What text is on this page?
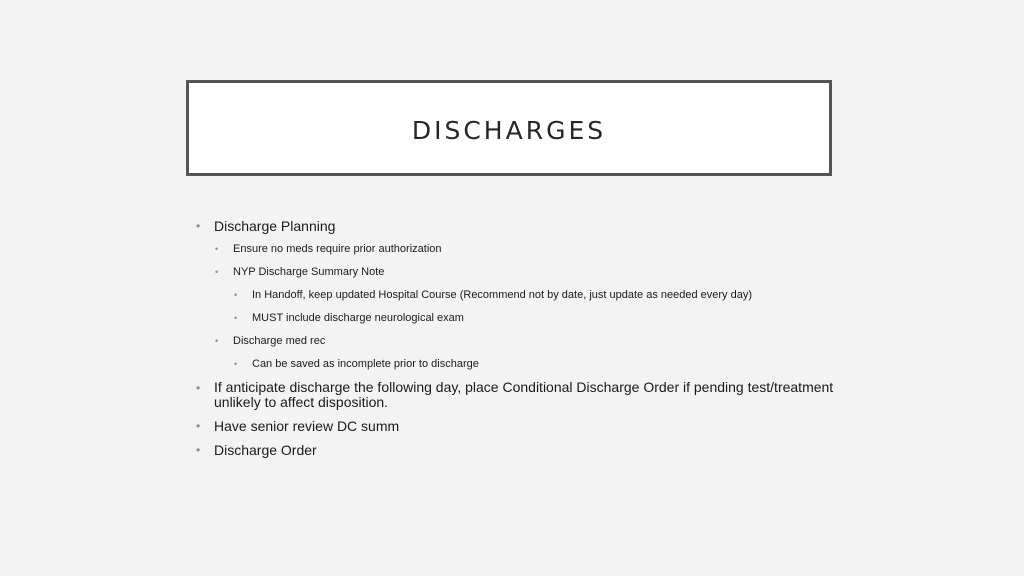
DISCHARGES
• Discharge Planning
•	Ensure no meds require prior authorization
•	NYP Discharge Summary Note
•	In Handoff, keep updated Hospital Course (Recommend not by date, just update as needed every day)
•	MUST include discharge neurological exam
•	Discharge med rec
•	Can be saved as incomplete prior to discharge
• If anticipate discharge the following day, place Conditional Discharge Order if pending test/treatment unlikely to affect disposition.
• Have senior review DC summ
• Discharge Order
